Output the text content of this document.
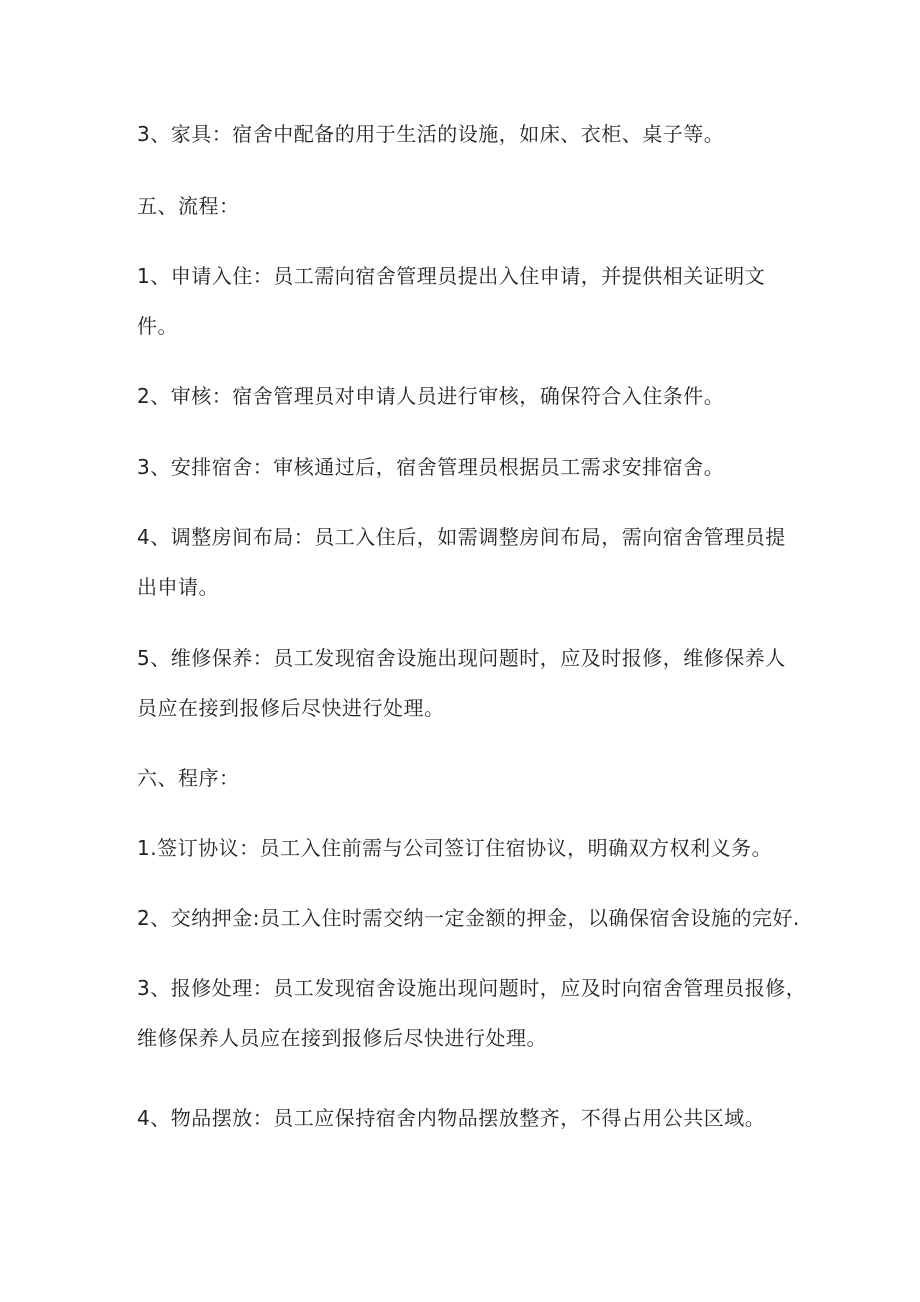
3、家具：宿舍中配备的用于生活的设施，如床、衣柜、桌子等。
五、流程：
1、申请入住：员工需向宿舍管理员提出入住申请，并提供相关证明文
件。
2、审核：宿舍管理员对申请人员进行审核，确保符合入住条件。
3、安排宿舍：审核通过后，宿舍管理员根据员工需求安排宿舍。
4、调整房间布局：员工入住后，如需调整房间布局，需向宿舍管理员提
出申请。
5、维修保养：员工发现宿舍设施出现问题时，应及时报修，维修保养人
员应在接到报修后尽快进行处理。
六、程序：
1.签订协议：员工入住前需与公司签订住宿协议，明确双方权利义务。
2、交纳押金:员工入住时需交纳一定金额的押金，以确保宿舍设施的完好.
3、报修处理：员工发现宿舍设施出现问题时，应及时向宿舍管理员报修，
维修保养人员应在接到报修后尽快进行处理。
4、物品摆放：员工应保持宿舍内物品摆放整齐，不得占用公共区域。
